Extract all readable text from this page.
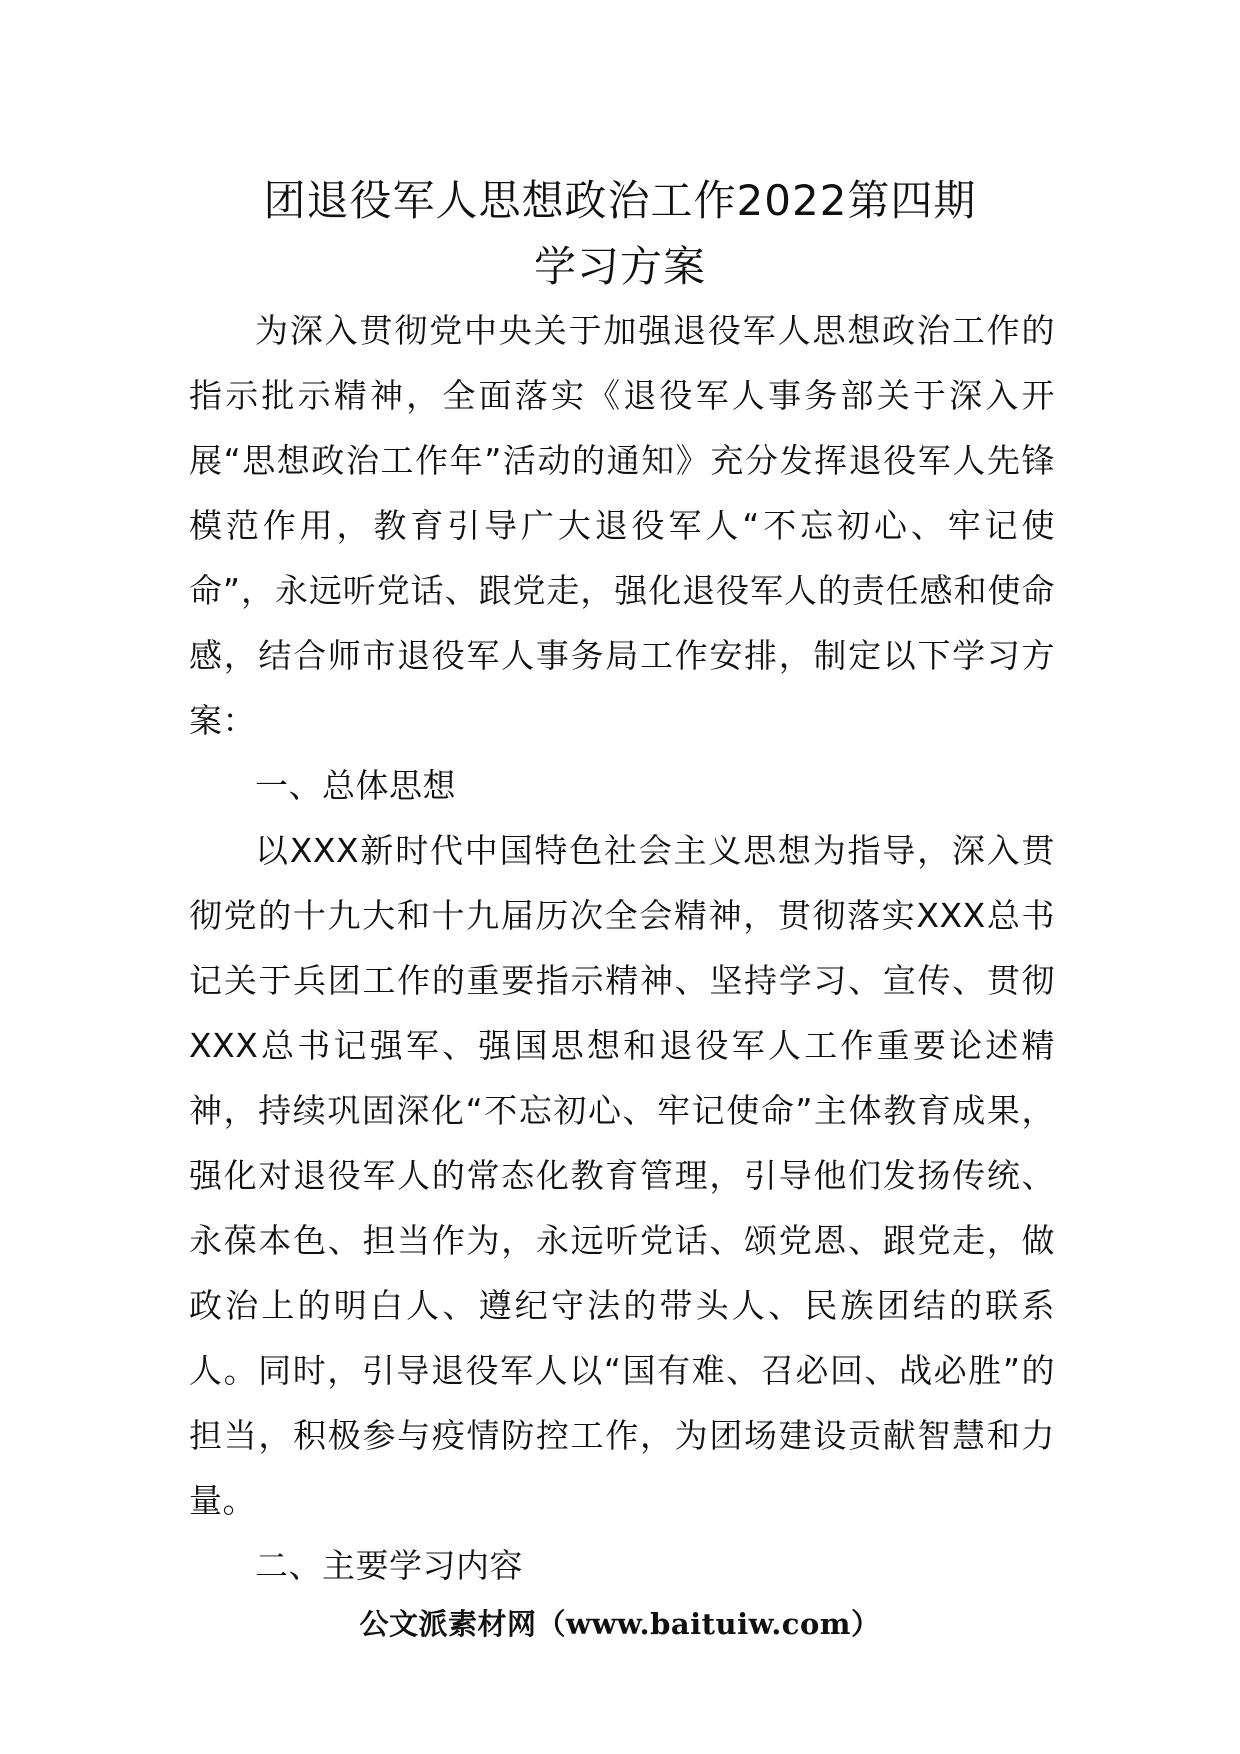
团退役军人思想政治工作2022第四期
学习方案

为深入贯彻党中央关于加强退役军人思想政治工作的指示批示精神，全面落实《退役军人事务部关于深入开展“思想政治工作年”活动的通知》充分发挥退役军人先锋模范作用，教育引导广大退役军人“不忘初心、牢记使命”，永远听党话、跟党走，强化退役军人的责任感和使命感，结合师市退役军人事务局工作安排，制定以下学习方案：

一、总体思想

以XXX新时代中国特色社会主义思想为指导，深入贯彻党的十九大和十九届历次全会精神，贯彻落实XXX总书记关于兵团工作的重要指示精神、坚持学习、宣传、贯彻XXX总书记强军、强国思想和退役军人工作重要论述精神，持续巩固深化“不忘初心、牢记使命”主体教育成果，强化对退役军人的常态化教育管理，引导他们发扬传统、永葆本色、担当作为，永远听党话、颂党恩、跟党走，做政治上的明白人、遵纪守法的带头人、民族团结的联系人。同时，引导退役军人以“国有难、召必回、战必胜”的担当，积极参与疫情防控工作，为团场建设贡献智慧和力量。

二、主要学习内容
公文派素材网（www.baituiw.com）
